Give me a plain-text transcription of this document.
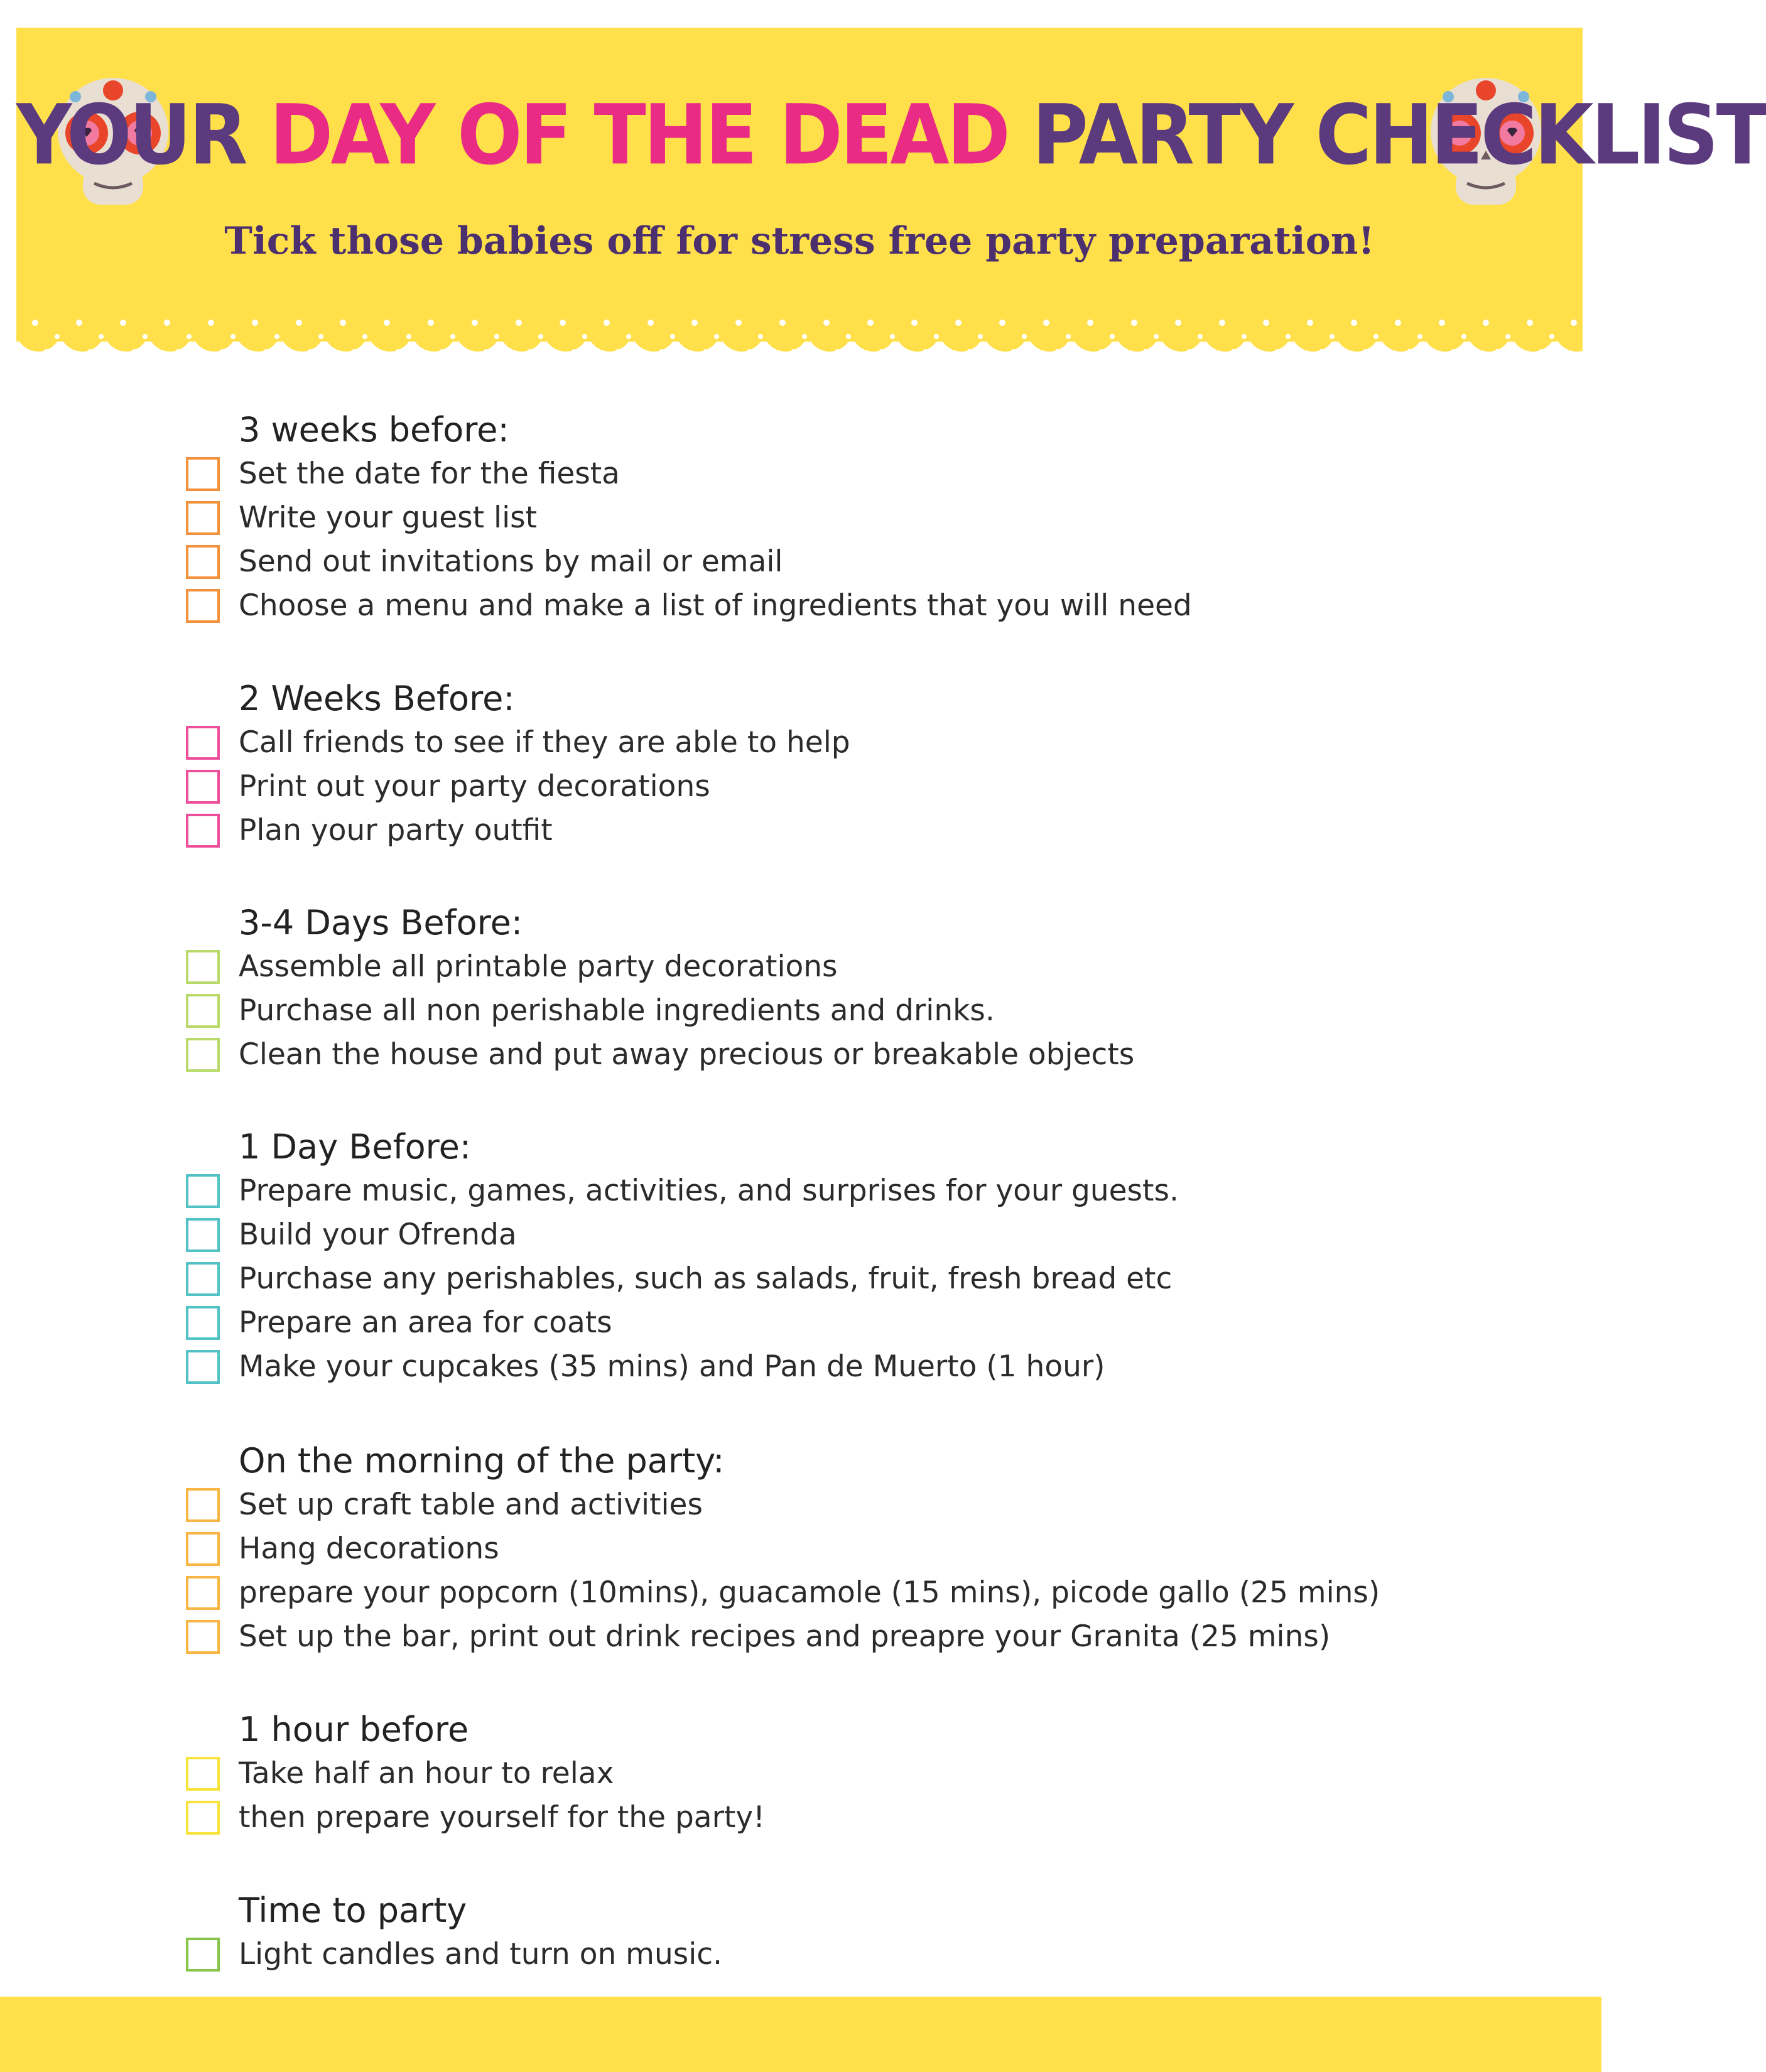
YOUR DAY OF THE DEAD PARTY CHECKLIST
Tick those babies off for stress free party preparation!
3 weeks before:
Set the date for the fiesta
Write your guest list
Send out invitations by mail or email
Choose a menu and make a list of ingredients that you will need
2 Weeks Before:
Call friends to see if they are able to help
Print out your party decorations
Plan your party outfit
3-4 Days Before:
Assemble all printable party decorations
Purchase all non perishable ingredients and drinks.
Clean the house and put away precious or breakable objects
1 Day Before:
Prepare music, games, activities, and surprises for your guests.
Build your Ofrenda
Purchase any perishables, such as salads, fruit, fresh bread etc
Prepare an area for coats
Make your cupcakes (35 mins) and Pan de Muerto (1 hour)
On the morning of the party:
Set up craft table and activities
Hang decorations
prepare your popcorn (10mins), guacamole (15 mins), picode gallo (25 mins)
Set up the bar, print out drink recipes and preapre your Granita (25 mins)
1 hour before
Take half an hour to relax
then prepare yourself for the party!
Time to party
Light candles and turn on music.
